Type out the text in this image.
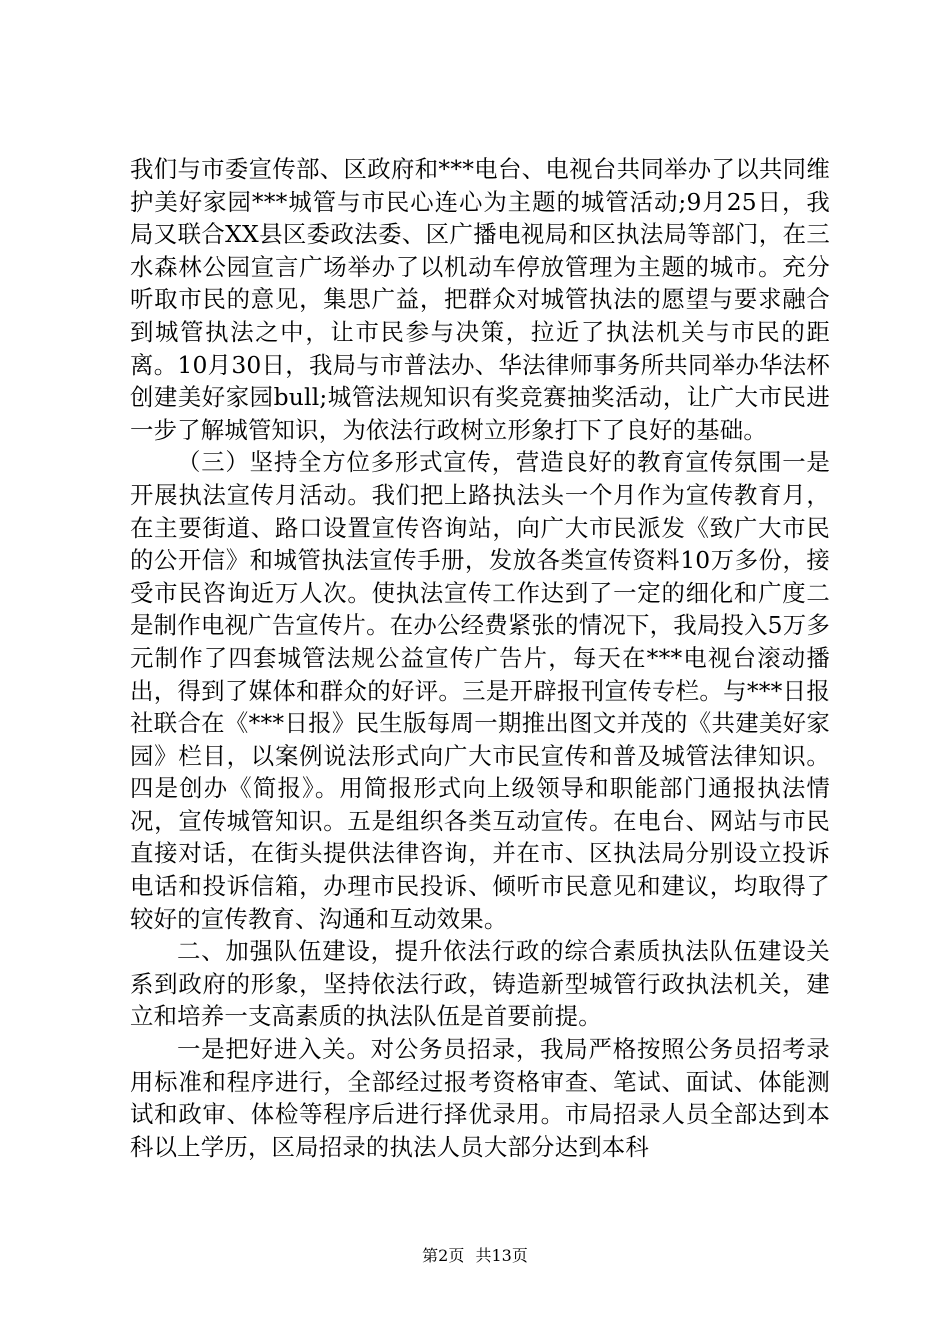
我们与市委宣传部、区政府和***电台、电视台共同举办了以共同维护美好家园***城管与市民心连心为主题的城管活动;9月25日，我局又联合XX县区委政法委、区广播电视局和区执法局等部门，在三水森林公园宣言广场举办了以机动车停放管理为主题的城市。充分听取市民的意见，集思广益，把群众对城管执法的愿望与要求融合到城管执法之中，让市民参与决策，拉近了执法机关与市民的距离。10月30日，我局与市普法办、华法律师事务所共同举办华法杯创建美好家园bull;城管法规知识有奖竞赛抽奖活动，让广大市民进一步了解城管知识，为依法行政树立形象打下了良好的基础。

（三）坚持全方位多形式宣传，营造良好的教育宣传氛围一是开展执法宣传月活动。我们把上路执法头一个月作为宣传教育月，在主要街道、路口设置宣传咨询站，向广大市民派发《致广大市民的公开信》和城管执法宣传手册，发放各类宣传资料10万多份，接受市民咨询近万人次。使执法宣传工作达到了一定的细化和广度二是制作电视广告宣传片。在办公经费紧张的情况下，我局投入5万多元制作了四套城管法规公益宣传广告片，每天在***电视台滚动播出，得到了媒体和群众的好评。三是开辟报刊宣传专栏。与***日报社联合在《***日报》民生版每周一期推出图文并茂的《共建美好家园》栏目，以案例说法形式向广大市民宣传和普及城管法律知识。四是创办《简报》。用简报形式向上级领导和职能部门通报执法情况，宣传城管知识。五是组织各类互动宣传。在电台、网站与市民直接对话，在街头提供法律咨询，并在市、区执法局分别设立投诉电话和投诉信箱，办理市民投诉、倾听市民意见和建议，均取得了较好的宣传教育、沟通和互动效果。

二、加强队伍建设，提升依法行政的综合素质执法队伍建设关系到政府的形象，坚持依法行政，铸造新型城管行政执法机关，建立和培养一支高素质的执法队伍是首要前提。

一是把好进入关。对公务员招录，我局严格按照公务员招考录用标准和程序进行，全部经过报考资格审查、笔试、面试、体能测试和政审、体检等程序后进行择优录用。市局招录人员全部达到本科以上学历，区局招录的执法人员大部分达到本科

第2页 共13页
